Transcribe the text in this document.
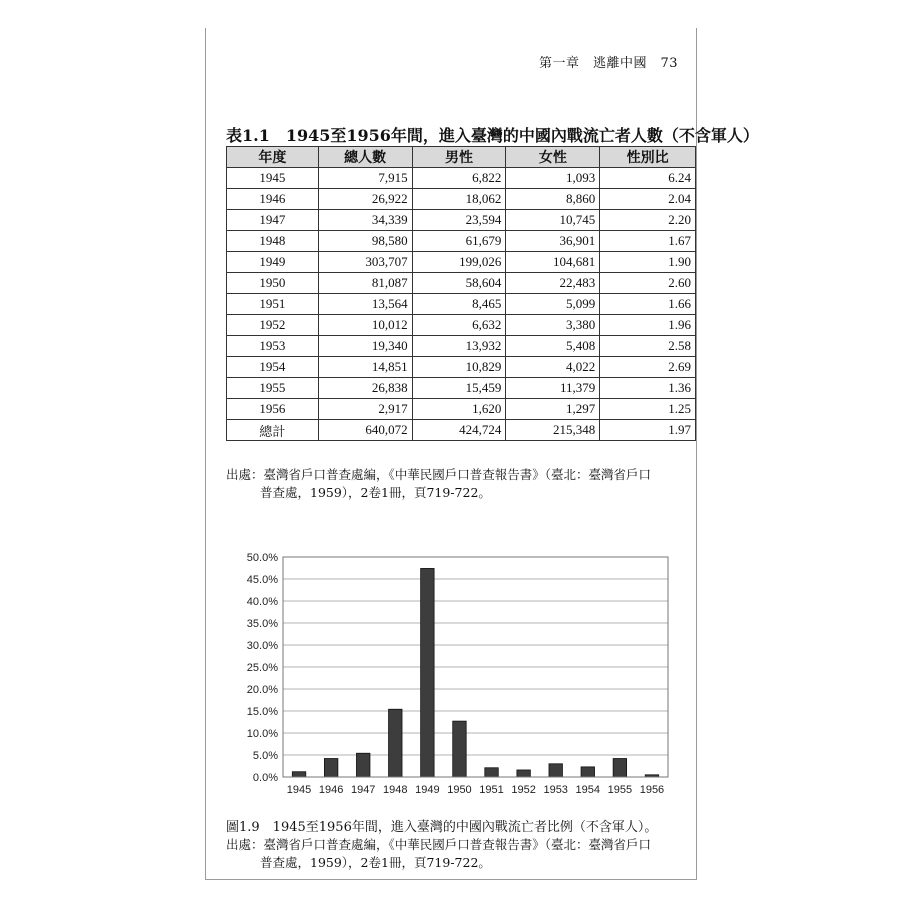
第一章　逃離中國　73
表1.1　1945至1956年間，進入臺灣的中國內戰流亡者人數（不含軍人）
年度	總人數	男性	女性	性別比
1945	7,915	6,822	1,093	6.24
1946	26,922	18,062	8,860	2.04
1947	34,339	23,594	10,745	2.20
1948	98,580	61,679	36,901	1.67
1949	303,707	199,026	104,681	1.90
1950	81,087	58,604	22,483	2.60
1951	13,564	8,465	5,099	1.66
1952	10,012	6,632	3,380	1.96
1953	19,340	13,932	5,408	2.58
1954	14,851	10,829	4,022	2.69
1955	26,838	15,459	11,379	1.36
1956	2,917	1,620	1,297	1.25
總計	640,072	424,724	215,348	1.97
出處：臺灣省戶口普查處編，《中華民國戶口普查報告書》（臺北：臺灣省戶口
普查處，1959），2卷1冊，頁719-722。
0.0%
5.0%
10.0%
15.0%
20.0%
25.0%
30.0%
35.0%
40.0%
45.0%
50.0%
1945 1946 1947 1948 1949 1950 1951 1952 1953 1954 1955 1956
圖1.9　1945至1956年間，進入臺灣的中國內戰流亡者比例（不含軍人）。
出處：臺灣省戶口普查處編，《中華民國戶口普查報告書》（臺北：臺灣省戶口
普查處，1959），2卷1冊，頁719-722。
